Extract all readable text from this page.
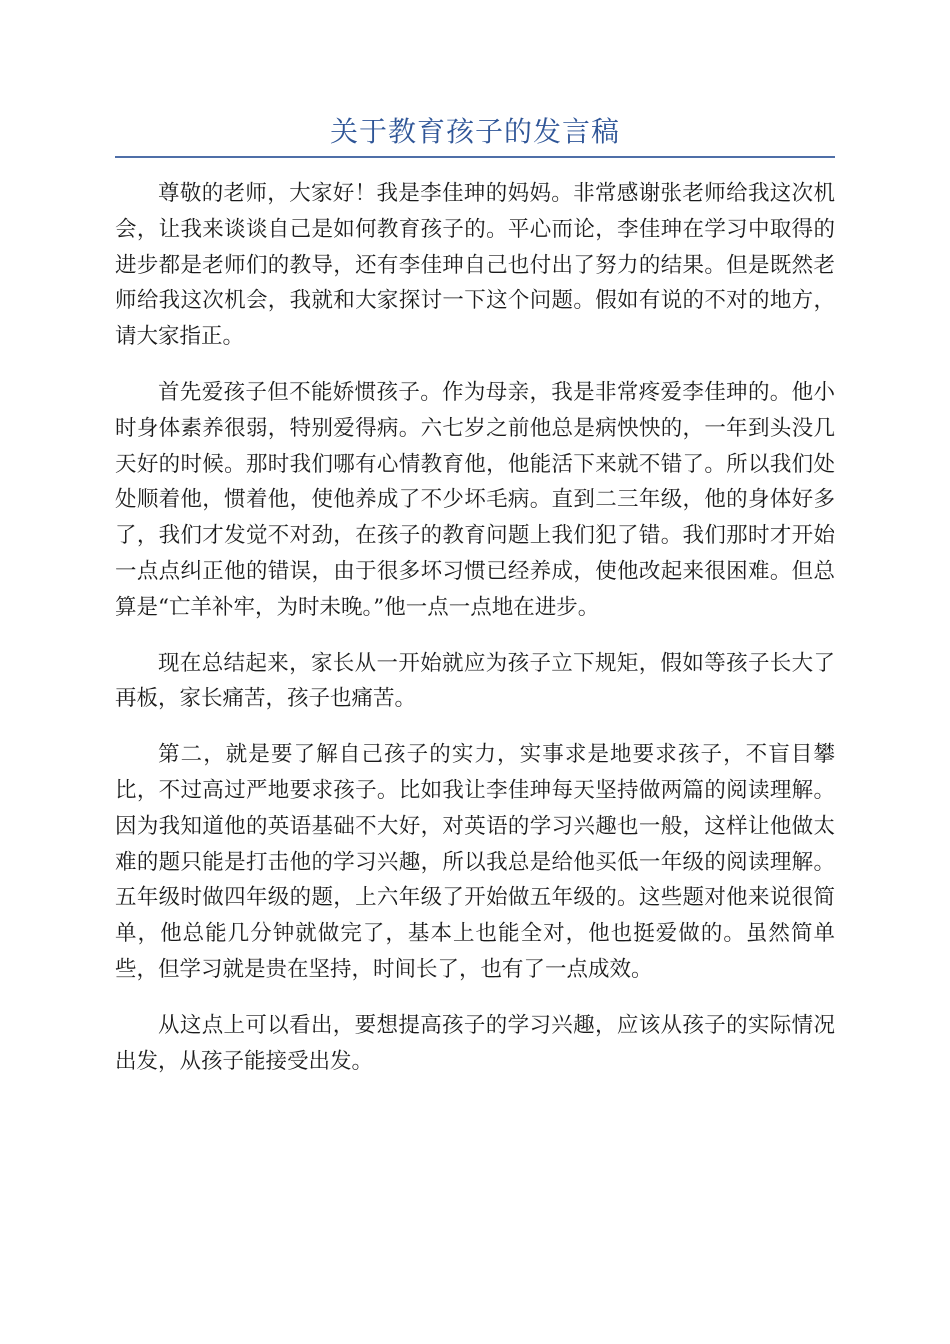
关于教育孩子的发言稿

尊敬的老师，大家好！我是李佳珅的妈妈。非常感谢张老师给我这次机会，让我来谈谈自己是如何教育孩子的。平心而论，李佳珅在学习中取得的进步都是老师们的教导，还有李佳珅自己也付出了努力的结果。但是既然老师给我这次机会，我就和大家探讨一下这个问题。假如有说的不对的地方，请大家指正。

首先爱孩子但不能娇惯孩子。作为母亲，我是非常疼爱李佳珅的。他小时身体素养很弱，特别爱得病。六七岁之前他总是病怏怏的，一年到头没几天好的时候。那时我们哪有心情教育他，他能活下来就不错了。所以我们处处顺着他，惯着他，使他养成了不少坏毛病。直到二三年级，他的身体好多了，我们才发觉不对劲，在孩子的教育问题上我们犯了错。我们那时才开始一点点纠正他的错误，由于很多坏习惯已经养成，使他改起来很困难。但总算是“亡羊补牢，为时未晚。”他一点一点地在进步。

现在总结起来，家长从一开始就应为孩子立下规矩，假如等孩子长大了再板，家长痛苦，孩子也痛苦。

第二，就是要了解自己孩子的实力，实事求是地要求孩子，不盲目攀比，不过高过严地要求孩子。比如我让李佳珅每天坚持做两篇的阅读理解。因为我知道他的英语基础不大好，对英语的学习兴趣也一般，这样让他做太难的题只能是打击他的学习兴趣，所以我总是给他买低一年级的阅读理解。五年级时做四年级的题，上六年级了开始做五年级的。这些题对他来说很简单，他总能几分钟就做完了，基本上也能全对，他也挺爱做的。虽然简单些，但学习就是贵在坚持，时间长了，也有了一点成效。

从这点上可以看出，要想提高孩子的学习兴趣，应该从孩子的实际情况出发，从孩子能接受出发。
